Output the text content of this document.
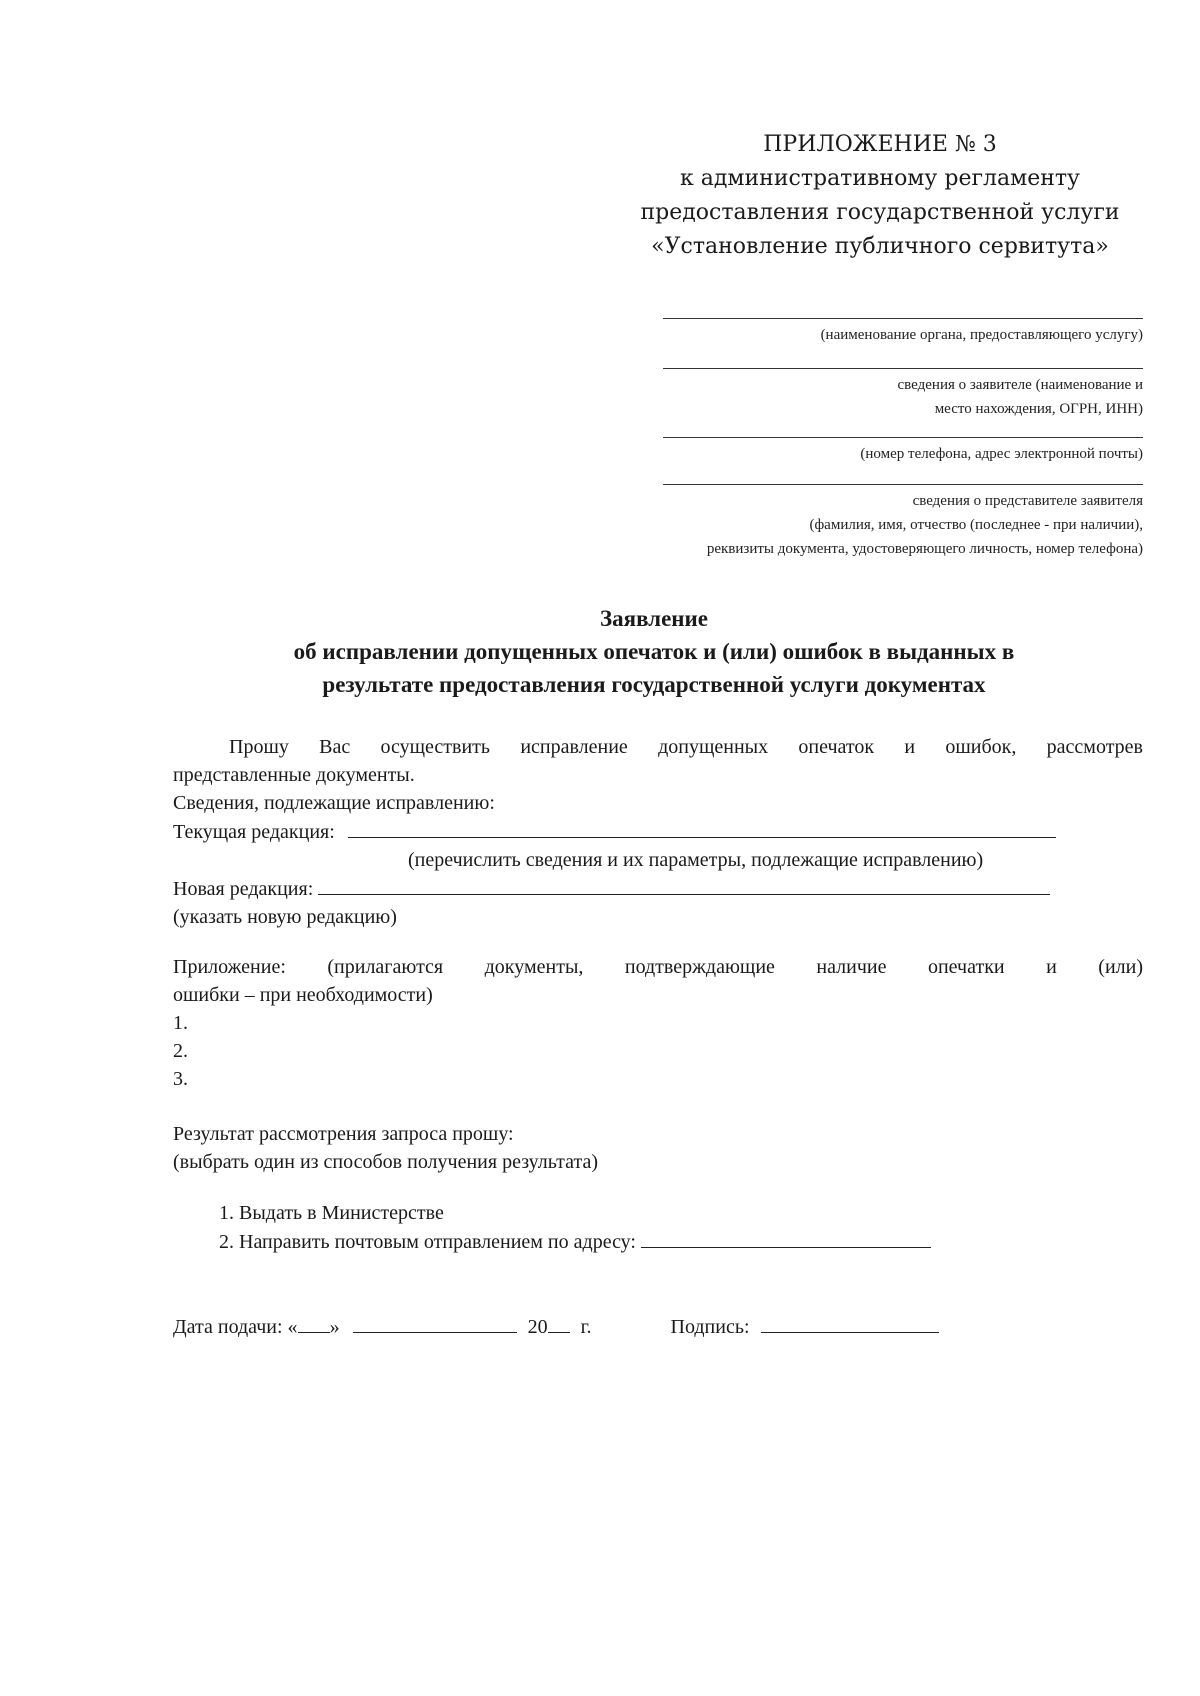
ПРИЛОЖЕНИЕ № 3
к административному регламенту
предоставления государственной услуги
«Установление публичного сервитута»
(наименование органа, предоставляющего услугу)
сведения о заявителе (наименование и
место нахождения, ОГРН, ИНН)
(номер телефона, адрес электронной почты)
сведения о представителе заявителя
(фамилия, имя, отчество (последнее - при наличии),
реквизиты документа, удостоверяющего личность, номер телефона)
Заявление
об исправлении допущенных опечаток и (или) ошибок в выданных в
результате предоставления государственной услуги документах
Прошу Вас осуществить исправление допущенных опечаток и ошибок, рассмотрев
представленные документы.
Сведения, подлежащие исправлению:
Текущая редакция:
(перечислить сведения и их параметры, подлежащие исправлению)
Новая редакция:
(указать новую редакцию)
Приложение: (прилагаются документы, подтверждающие наличие опечатки и (или)
ошибки – при необходимости)
1.
2.
3.
Результат рассмотрения запроса прошу:
(выбрать один из способов получения результата)
1. Выдать в Министерстве
2. Направить почтовым отправлением по адресу:
Дата подачи: « »	20 г.	Подпись:
